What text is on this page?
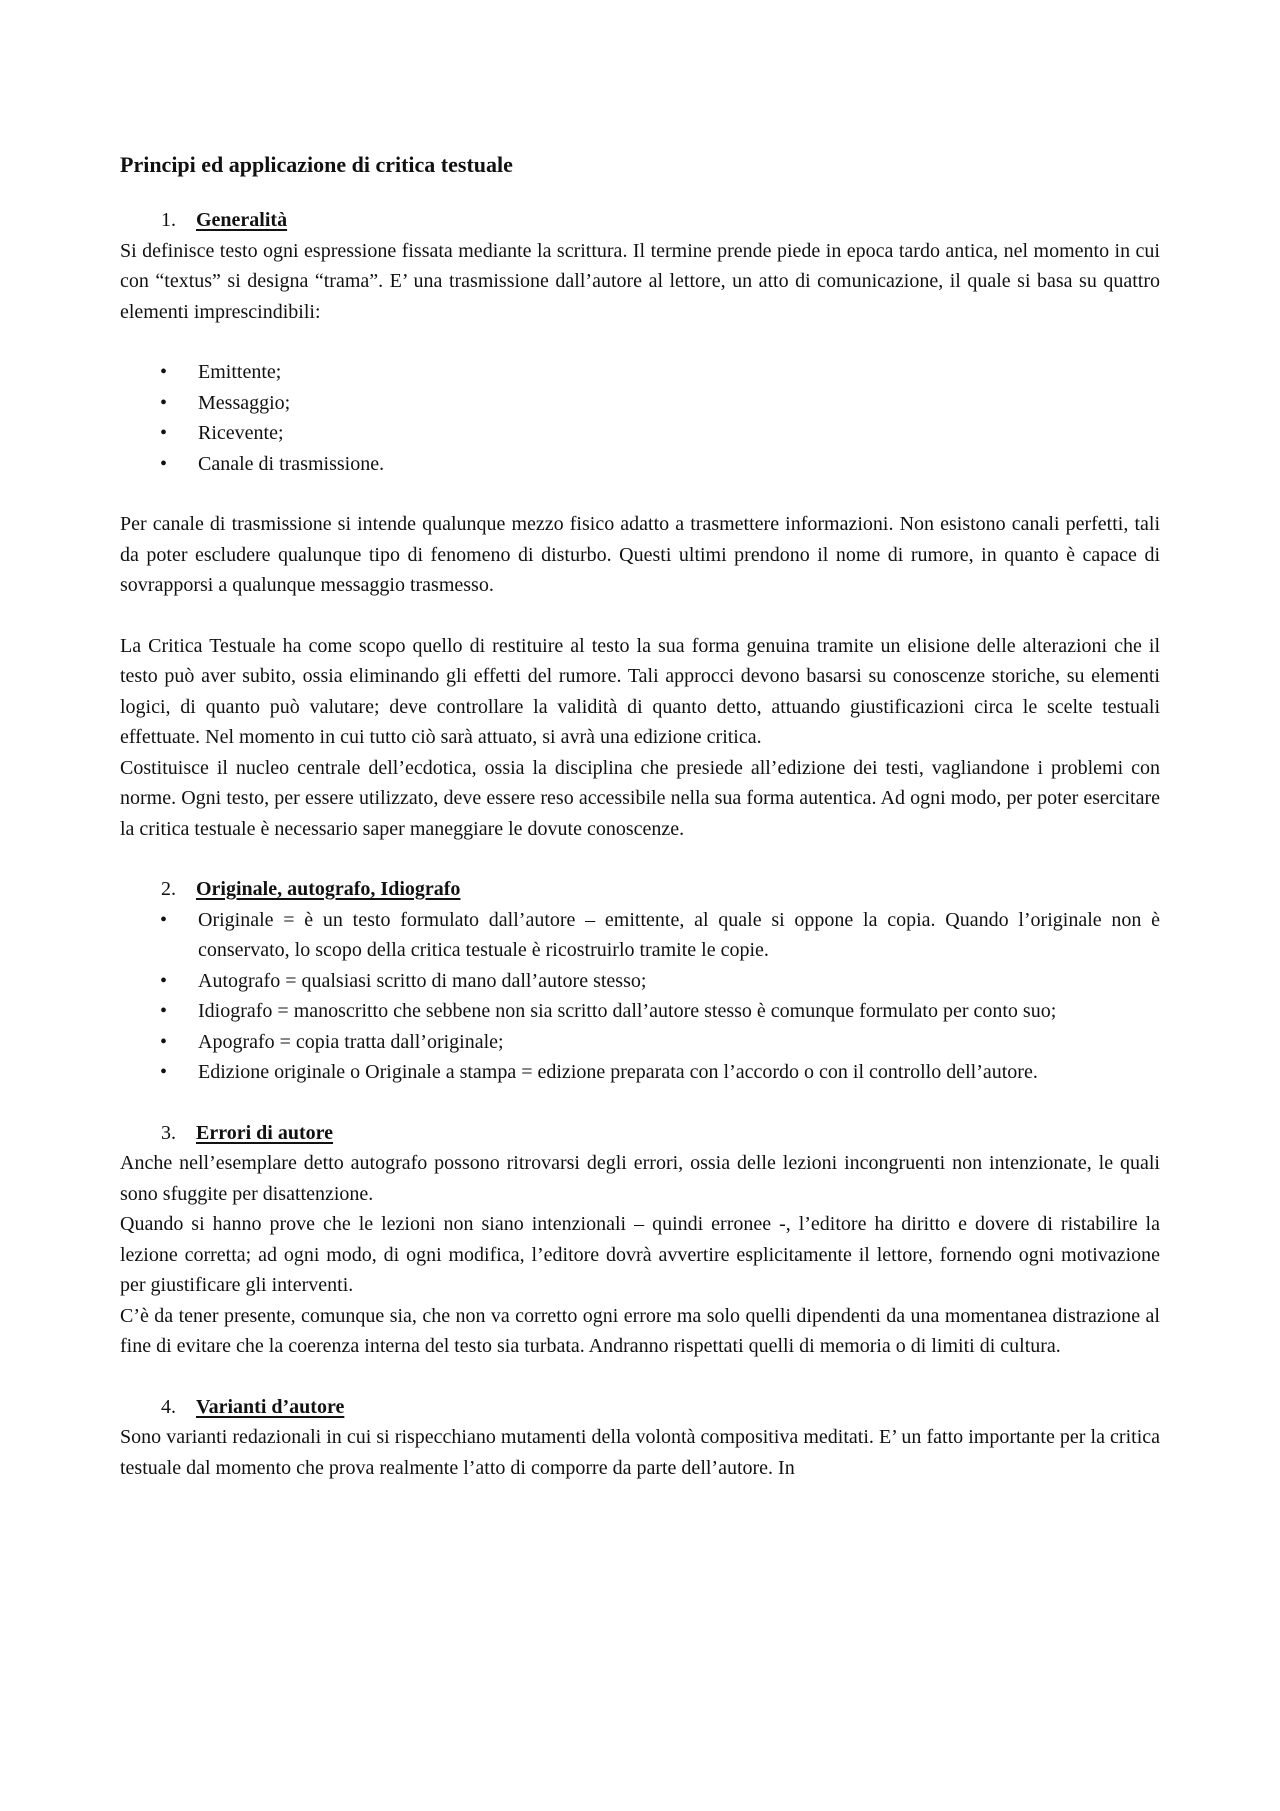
Principi ed applicazione di critica testuale
1.	Generalità

Si definisce testo ogni espressione fissata mediante la scrittura. Il termine prende piede in epoca tardo antica, nel momento in cui con “textus” si designa “trama”. E’ una trasmissione dall’autore al lettore, un atto di comunicazione, il quale si basa su quattro elementi imprescindibili:

•	Emittente;
•	Messaggio;
•	Ricevente;
•	Canale di trasmissione.

Per canale di trasmissione si intende qualunque mezzo fisico adatto a trasmettere informazioni. Non esistono canali perfetti, tali da poter escludere qualunque tipo di fenomeno di disturbo. Questi ultimi prendono il nome di rumore, in quanto è capace di sovrapporsi a qualunque messaggio trasmesso.

La Critica Testuale ha come scopo quello di restituire al testo la sua forma genuina tramite un elisione delle alterazioni che il testo può aver subito, ossia eliminando gli effetti del rumore. Tali approcci devono basarsi su conoscenze storiche, su elementi logici, di quanto può valutare; deve controllare la validità di quanto detto, attuando giustificazioni circa le scelte testuali effettuate. Nel momento in cui tutto ciò sarà attuato, si avrà una edizione critica.

Costituisce il nucleo centrale dell’ecdotica, ossia la disciplina che presiede all’edizione dei testi, vagliandone i problemi con norme. Ogni testo, per essere utilizzato, deve essere reso accessibile nella sua forma autentica. Ad ogni modo, per poter esercitare la critica testuale è necessario saper maneggiare le dovute conoscenze.

2.	Originale, autografo, Idiografo
•	Originale = è un testo formulato dall’autore – emittente, al quale si oppone la copia. Quando l’originale non è conservato, lo scopo della critica testuale è ricostruirlo tramite le copie.
•	Autografo = qualsiasi scritto di mano dall’autore stesso;
•	Idiografo = manoscritto che sebbene non sia scritto dall’autore stesso è comunque formulato per conto suo;
•	Apografo = copia tratta dall’originale;
•	Edizione originale o Originale a stampa = edizione preparata con l’accordo o con il controllo dell’autore.
3.	Errori di autore

Anche nell’esemplare detto autografo possono ritrovarsi degli errori, ossia delle lezioni incongruenti non intenzionate, le quali sono sfuggite per disattenzione.

Quando si hanno prove che le lezioni non siano intenzionali – quindi erronee -, l’editore ha diritto e dovere di ristabilire la lezione corretta; ad ogni modo, di ogni modifica, l’editore dovrà avvertire esplicitamente il lettore, fornendo ogni motivazione per giustificare gli interventi.

C’è da tener presente, comunque sia, che non va corretto ogni errore ma solo quelli dipendenti da una momentanea distrazione al fine di evitare che la coerenza interna del testo sia turbata. Andranno rispettati quelli di memoria o di limiti di cultura.

4.	Varianti d’autore

Sono varianti redazionali in cui si rispecchiano mutamenti della volontà compositiva meditati. E’ un fatto importante per la critica testuale dal momento che prova realmente l’atto di comporre da parte dell’autore. In
